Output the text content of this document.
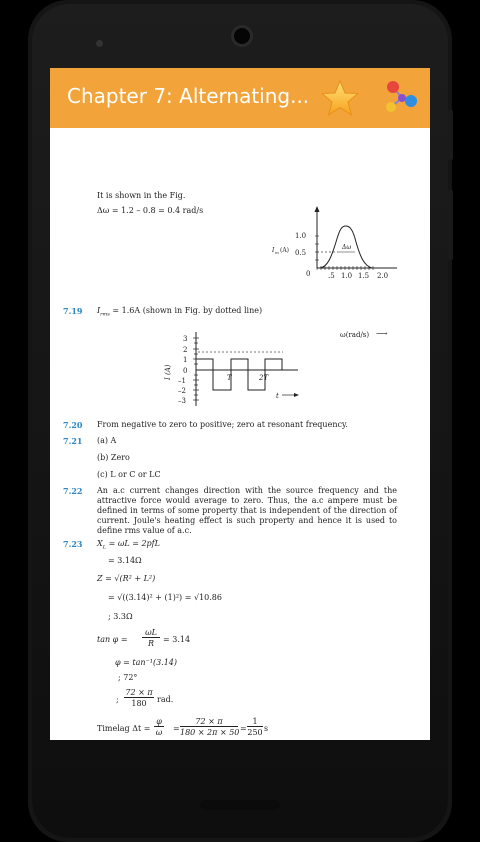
Chapter 7: Alternating...
It is shown in the Fig.
Δω = 1.2 – 0.8 = 0.4 rad/s
Δω
1.0
0.5
I m (A)
0	.5 1.0 1.5 2.0
ω(rad/s) ⟶
7.19 $I_{rms} = 1.6A$ (shown in Fig. by dotted line)
T	2T
3
2
1
0
–1
–2
–3
I (A)
t
7.20 From negative to zero to positive; zero at resonant frequency.
7.21 (a) A
(b) Zero
(c) L or C or LC
7.22 An a.c current changes direction with the source frequency and the attractive force would average to zero. Thus, the a.c ampere must be defined in terms of some property that is independent of the direction of current. Joule's heating effect is such property and hence it is used to define rms value of a.c.
7.23 $X_L = \omega L = 2pfL$
= 3.14Ω
Z = √(R² + L²)
= √((3.14)² + (1)²) = √10.86
; 3.3Ω
tan φ =
ωL
R	= 3.14
φ = tan⁻¹(3.14)
; 72°
;
72 × π
180	rad.
Timelag Δt =
φ
ω =
72 × π
180 × 2π × 50 =
1
250 s
